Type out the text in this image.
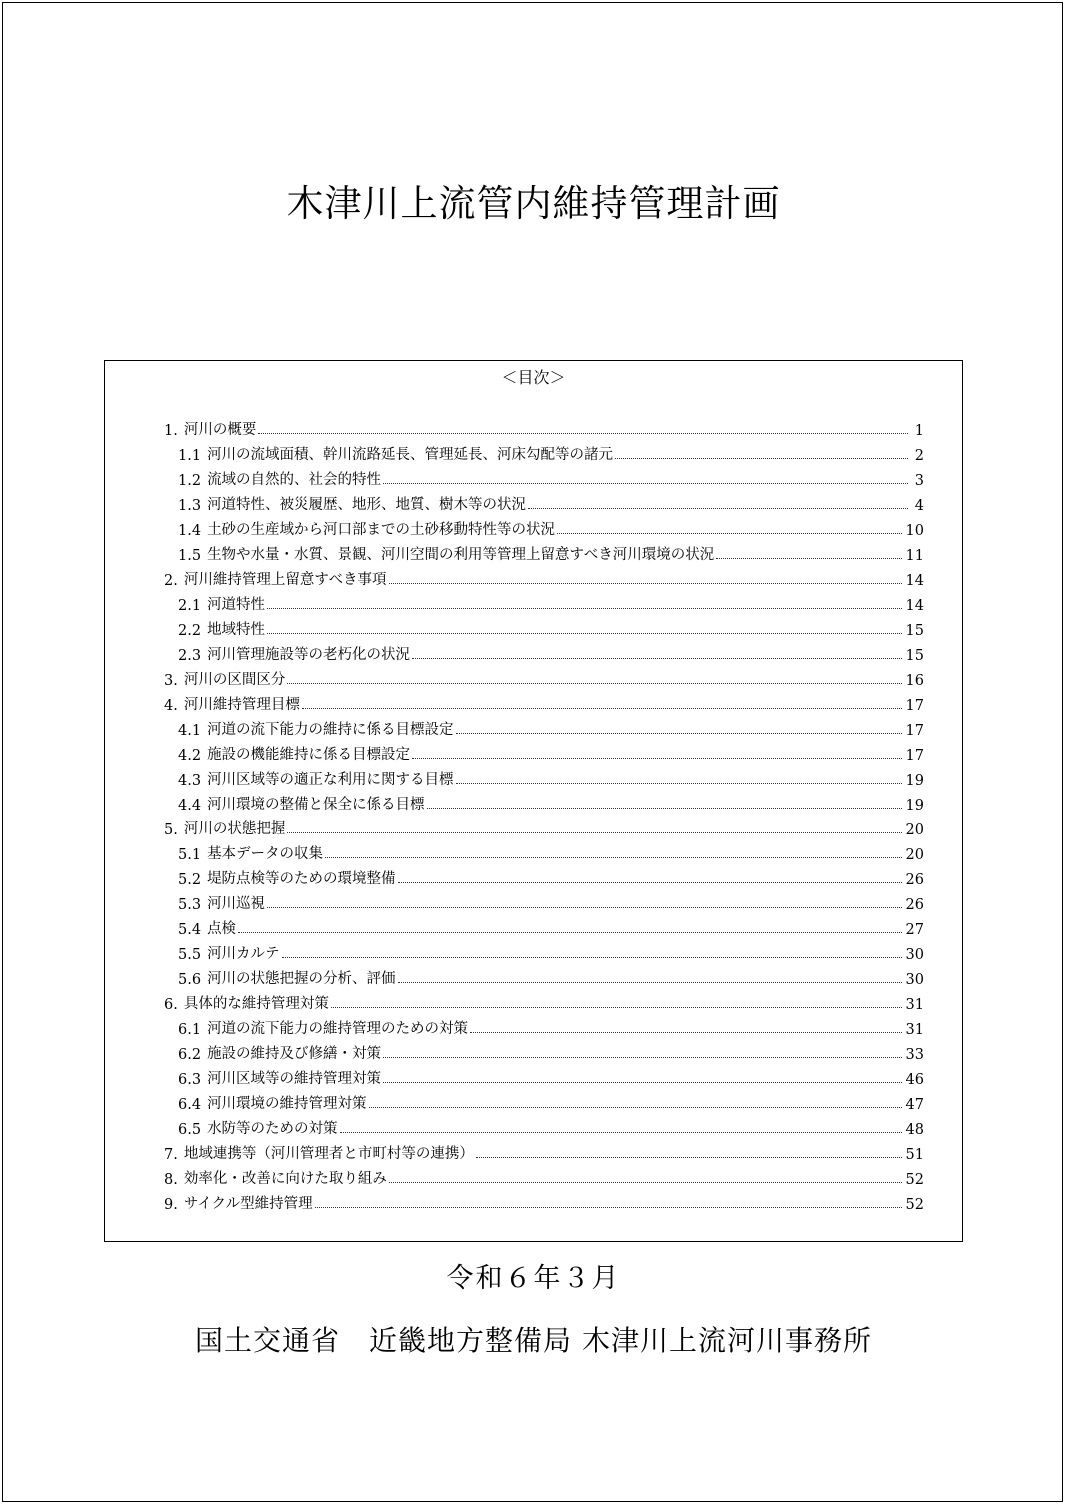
木津川上流管内維持管理計画
＜目次＞
1. 河川の概要	1
1.1 河川の流域面積、幹川流路延長、管理延長、河床勾配等の諸元	2
1.2 流域の自然的、社会的特性	3
1.3 河道特性、被災履歴、地形、地質、樹木等の状況	4
1.4 土砂の生産域から河口部までの土砂移動特性等の状況	10
1.5 生物や水量・水質、景観、河川空間の利用等管理上留意すべき河川環境の状況	11
2. 河川維持管理上留意すべき事項	14
2.1 河道特性	14
2.2 地域特性	15
2.3 河川管理施設等の老朽化の状況	15
3. 河川の区間区分	16
4. 河川維持管理目標	17
4.1 河道の流下能力の維持に係る目標設定	17
4.2 施設の機能維持に係る目標設定	17
4.3 河川区域等の適正な利用に関する目標	19
4.4 河川環境の整備と保全に係る目標	19
5. 河川の状態把握	20
5.1 基本データの収集	20
5.2 堤防点検等のための環境整備	26
5.3 河川巡視	26
5.4 点検	27
5.5 河川カルテ	30
5.6 河川の状態把握の分析、評価	30
6. 具体的な維持管理対策	31
6.1 河道の流下能力の維持管理のための対策	31
6.2 施設の維持及び修繕・対策	33
6.3 河川区域等の維持管理対策	46
6.4 河川環境の維持管理対策	47
6.5 水防等のための対策	48
7. 地域連携等（河川管理者と市町村等の連携）	51
8. 効率化・改善に向けた取り組み	52
9. サイクル型維持管理	52
令和６年３月
国土交通省　近畿地方整備局 木津川上流河川事務所
